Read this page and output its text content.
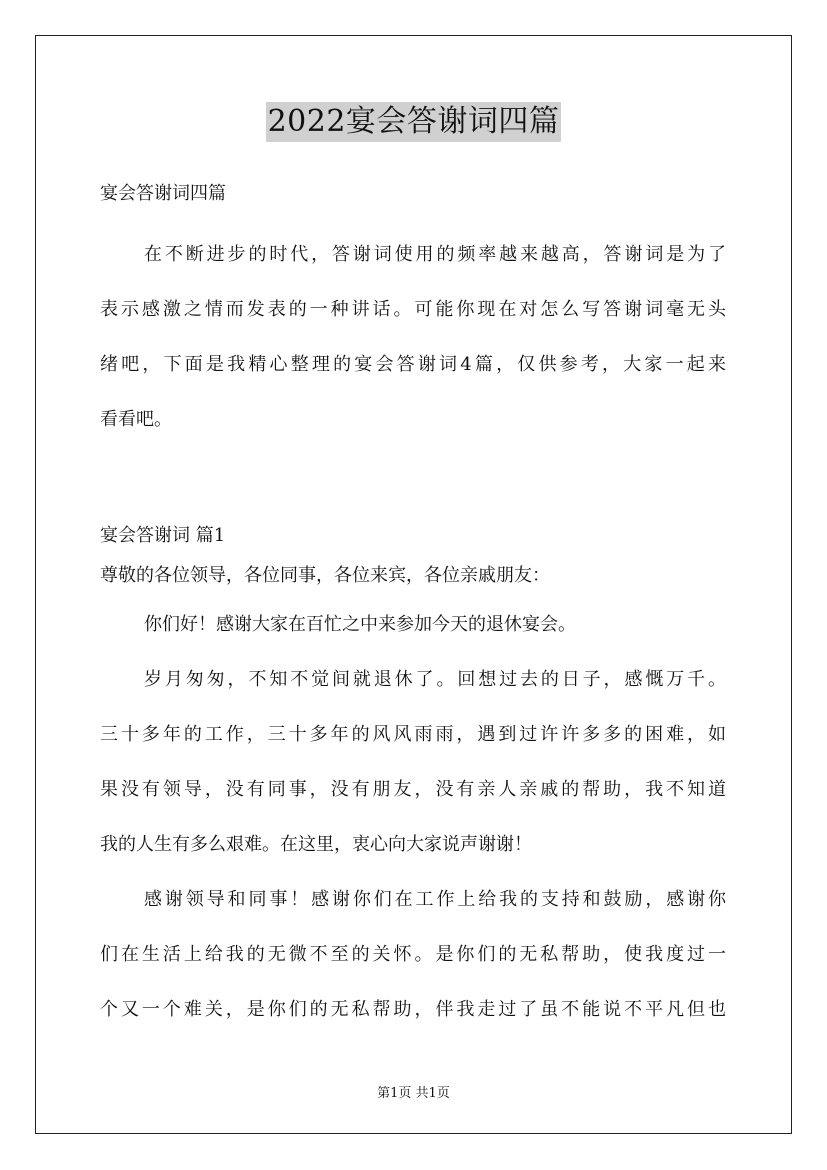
2022宴会答谢词四篇
宴会答谢词四篇
在不断进步的时代，答谢词使用的频率越来越高，答谢词是为了
表示感激之情而发表的一种讲话。可能你现在对怎么写答谢词毫无头
绪吧，下面是我精心整理的宴会答谢词4篇，仅供参考，大家一起来
看看吧。
宴会答谢词 篇1
尊敬的各位领导，各位同事，各位来宾，各位亲戚朋友：
你们好！感谢大家在百忙之中来参加今天的退休宴会。
岁月匆匆，不知不觉间就退休了。回想过去的日子，感慨万千。
三十多年的工作，三十多年的风风雨雨，遇到过许许多多的困难，如
果没有领导，没有同事，没有朋友，没有亲人亲戚的帮助，我不知道
我的人生有多么艰难。在这里，衷心向大家说声谢谢！
感谢领导和同事！感谢你们在工作上给我的支持和鼓励，感谢你
们在生活上给我的无微不至的关怀。是你们的无私帮助，使我度过一
个又一个难关，是你们的无私帮助，伴我走过了虽不能说不平凡但也
第1页 共1页
